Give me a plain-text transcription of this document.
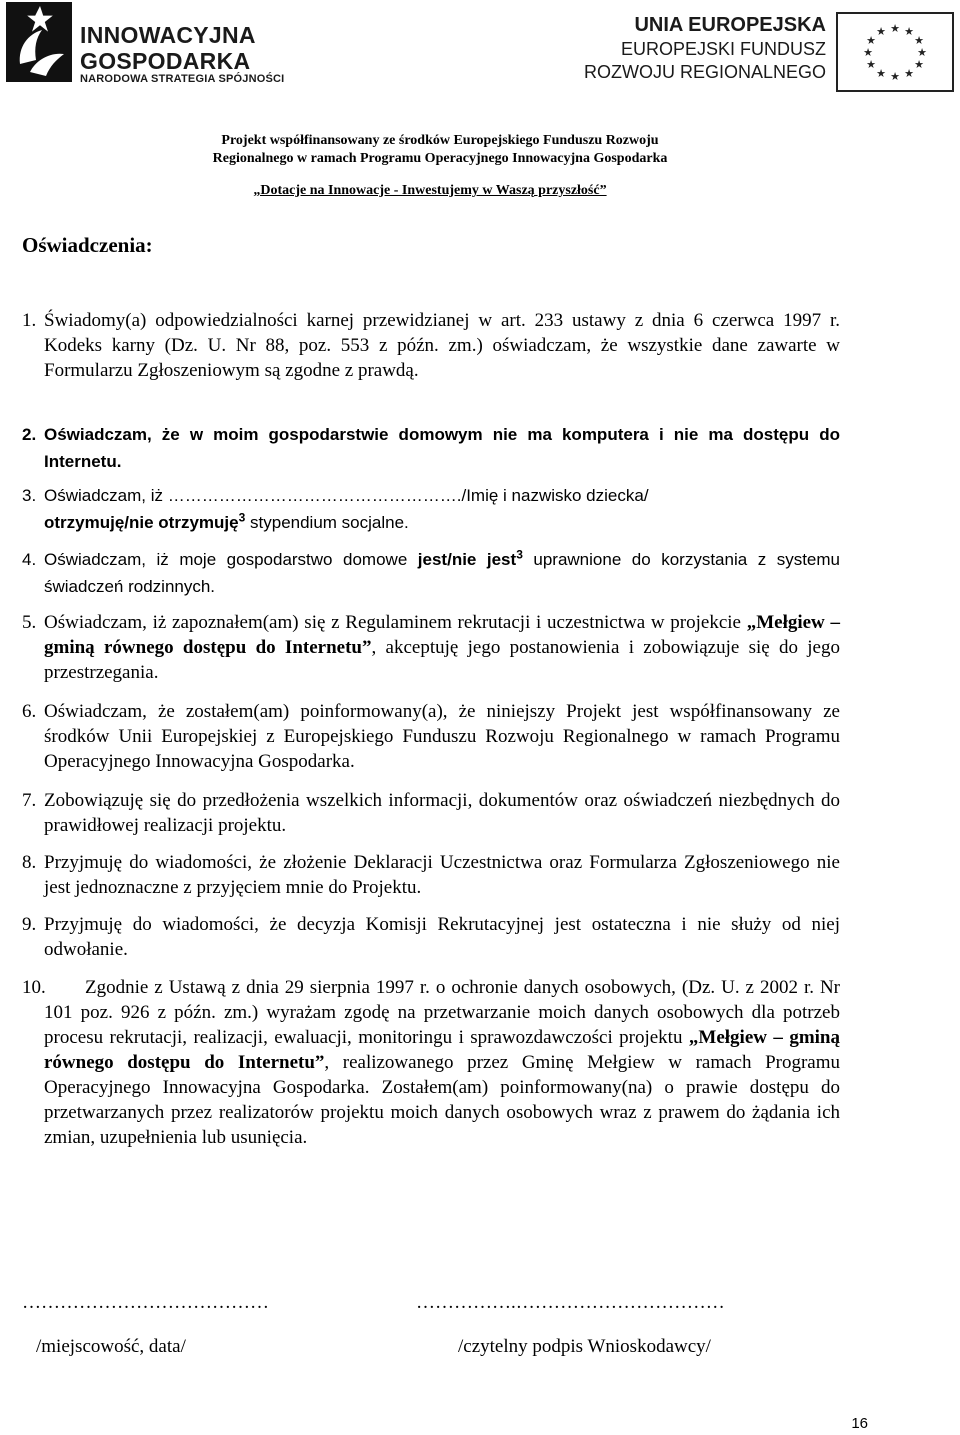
INNOWACYJNA
GOSPODARKA
NARODOWA STRATEGIA SPÓJNOŚCI
UNIA EUROPEJSKA
EUROPEJSKI FUNDUSZ
ROZWOJU REGIONALNEGO
★ ★
★
★
★
★
★
★
★
★
★
★
Projekt współfinansowany ze środków Europejskiego Funduszu Rozwoju
Regionalnego w ramach Programu Operacyjnego Innowacyjna Gospodarka
„Dotacje na Innowacje - Inwestujemy w Waszą przyszłość”
Oświadczenia:
1. Świadomy(a) odpowiedzialności karnej przewidzianej w art. 233 ustawy z dnia 6 czerwca 1997 r. Kodeks karny (Dz. U. Nr 88, poz. 553 z późn. zm.) oświadczam, że wszystkie dane zawarte w Formularzu Zgłoszeniowym są zgodne z prawdą.
2. Oświadczam, że w moim gospodarstwie domowym nie ma komputera i nie ma dostępu do Internetu.
3. Oświadczam, iż ……………………………………………./Imię i nazwisko dziecka/
otrzymuję/nie otrzymuję$^3$ stypendium socjalne.
4. Oświadczam, iż moje gospodarstwo domowe jest/nie jest$^3$ uprawnione do korzystania z systemu świadczeń rodzinnych.
5. Oświadczam, iż zapoznałem(am) się z Regulaminem rekrutacji i uczestnictwa w projekcie „Mełgiew – gminą równego dostępu do Internetu”, akceptuję jego postanowienia i zobowiązuje się do jego przestrzegania.
6. Oświadczam, że zostałem(am) poinformowany(a), że niniejszy Projekt jest współfinansowany ze środków Unii Europejskiej z Europejskiego Funduszu Rozwoju Regionalnego w ramach Programu Operacyjnego Innowacyjna Gospodarka.
7. Zobowiązuję się do przedłożenia wszelkich informacji, dokumentów oraz oświadczeń niezbędnych do prawidłowej realizacji projektu.
8. Przyjmuję do wiadomości, że złożenie Deklaracji Uczestnictwa oraz Formularza Zgłoszeniowego nie jest jednoznaczne z przyjęciem mnie do Projektu.
9. Przyjmuję do wiadomości, że decyzja Komisji Rekrutacyjnej jest ostateczna i nie służy od niej odwołanie.
10.	Zgodnie z Ustawą z dnia 29 sierpnia 1997 r. o ochronie danych osobowych, (Dz. U. z 2002 r. Nr 101 poz. 926 z późn. zm.) wyrażam zgodę na przetwarzanie moich danych osobowych dla potrzeb procesu rekrutacji, realizacji, ewaluacji, monitoringu i sprawozdawczości projektu „Mełgiew – gminą równego dostępu do Internetu”, realizowanego przez Gminę Mełgiew w ramach Programu Operacyjnego Innowacyjna Gospodarka. Zostałem(am) poinformowany(na) o prawie dostępu do przetwarzanych przez realizatorów projektu moich danych osobowych wraz z prawem do żądania ich zmian, uzupełnienia lub usunięcia.
…………………………………	…………….……………………………
/miejscowość, data/	/czytelny podpis Wnioskodawcy/
16
